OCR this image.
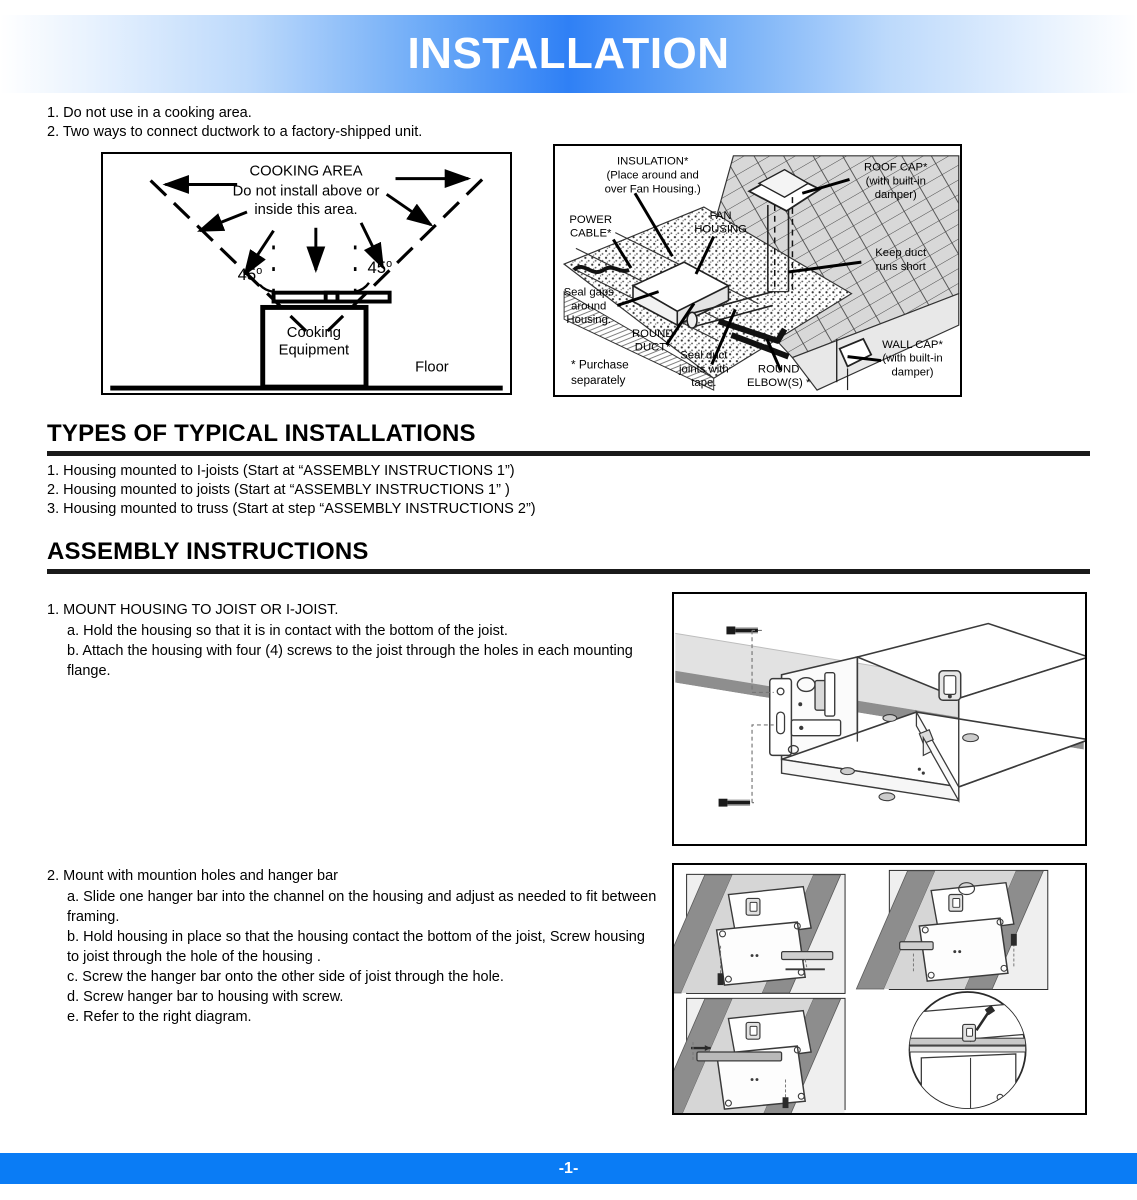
INSTALLATION
1. Do not use in a cooking area.
2. Two ways to connect ductwork to a factory-shipped unit.
COOKING AREA
Do not install above or
inside this area.
45$^o$	45$^o$
Cooking
Equipment
Floor
INSULATION*
(Place around and
over Fan Housing.)
POWER
CABLE*
FAN
HOUSING
ROOF CAP*
(with built-in
damper)
Keep duct
runs short
Seal gaps
around
Housing.
ROUND
DUCT*
Seal duct
joints with
tape.
ROUND
ELBOW(S) *
WALL CAP*
(with built-in
damper)
* Purchase
separately
TYPES OF TYPICAL INSTALLATIONS
1. Housing mounted to I-joists (Start at “ASSEMBLY INSTRUCTIONS 1”)
2. Housing mounted to joists (Start at “ASSEMBLY INSTRUCTIONS 1” )
3. Housing mounted to truss (Start at step “ASSEMBLY INSTRUCTIONS 2”)
ASSEMBLY INSTRUCTIONS

1. MOUNT HOUSING TO JOIST OR I-JOIST.

a. Hold the housing so that it is in contact with the bottom of the joist.

b. Attach the housing with four (4) screws to the joist through the holes in each mounting flange.

2. Mount with mountion holes and hanger bar

a. Slide one hanger bar into the channel on the housing and adjust as needed to fit between framing.

b. Hold housing in place so that the housing contact the bottom of the joist, Screw housing to joist through the hole of the housing .

c. Screw the hanger bar onto the other side of joist through the hole.

d. Screw hanger bar to housing with screw.

e. Refer to the right diagram.

-1-
